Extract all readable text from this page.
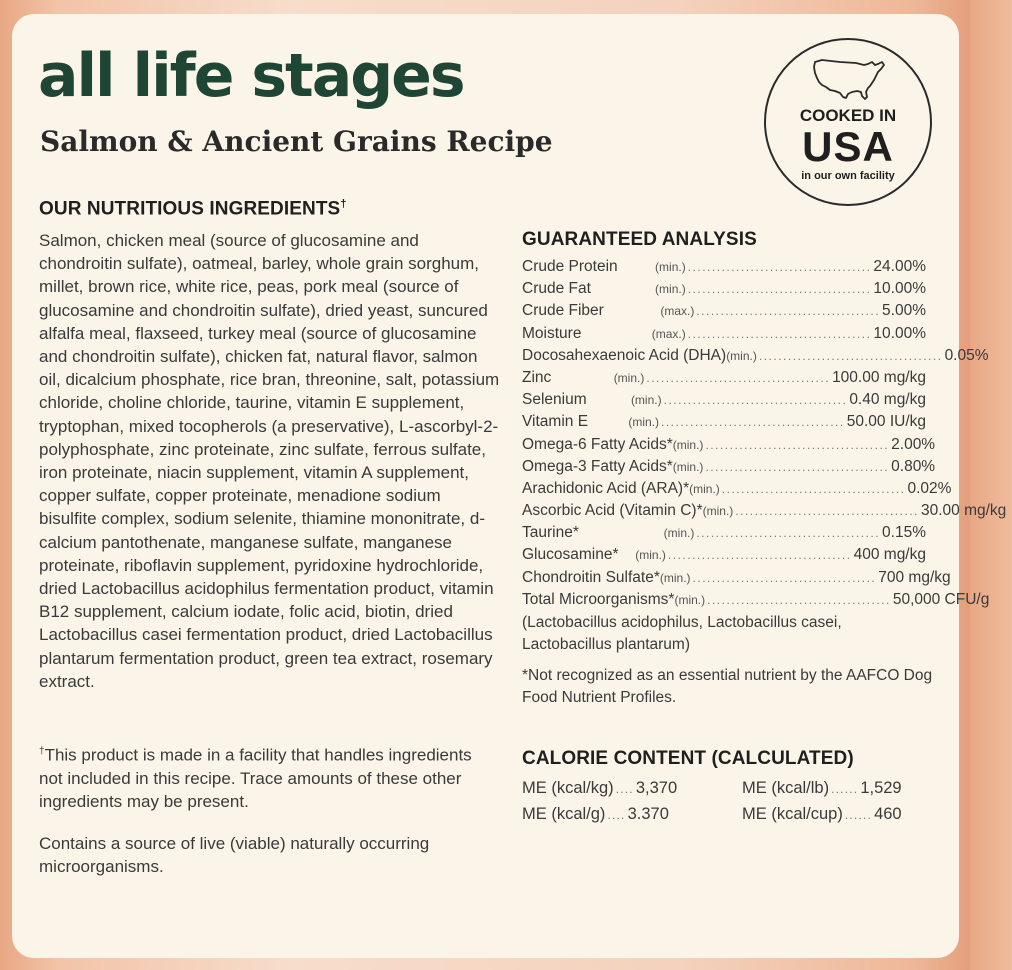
all life stages
Salmon & Ancient Grains Recipe
COOKED IN
USA
in our own facility
OUR NUTRITIOUS INGREDIENTS†
Salmon, chicken meal (source of glucosamine and chondroitin sulfate), oatmeal, barley, whole grain sorghum, millet, brown rice, white rice, peas, pork meal (source of glucosamine and chondroitin sulfate), dried yeast, suncured alfalfa meal, flaxseed, turkey meal (source of glucosamine and chondroitin sulfate), chicken fat, natural flavor, salmon oil, dicalcium phosphate, rice bran, threonine, salt, potassium chloride, choline chloride, taurine, vitamin E supplement, tryptophan, mixed tocopherols (a preservative), L-ascorbyl-2-polyphosphate, zinc proteinate, zinc sulfate, ferrous sulfate, iron proteinate, niacin supplement, vitamin A supplement, copper sulfate, copper proteinate, menadione sodium bisulfite complex, sodium selenite, thiamine mononitrate, d-calcium pantothenate, manganese sulfate, manganese proteinate, riboflavin supplement, pyridoxine hydrochloride, dried Lactobacillus acidophilus fermentation product, vitamin B12 supplement, calcium iodate, folic acid, biotin, dried Lactobacillus casei fermentation product, dried Lactobacillus plantarum fermentation product, green tea extract, rosemary extract.
†This product is made in a facility that handles ingredients not included in this recipe. Trace amounts of these other ingredients may be present.
Contains a source of live (viable) naturally occurring microorganisms.
GUARANTEED ANALYSIS
Crude Protein	(min.) ...................................... 24.00%
Crude Fat	(min.) ...................................... 10.00%
Crude Fiber	(max.) ...................................... 5.00%
Moisture	(max.) ...................................... 10.00%
Docosahexaenoic Acid (DHA) (min.) ...................................... 0.05%
Zinc	(min.) ...................................... 100.00 mg/kg
Selenium	(min.) ...................................... 0.40 mg/kg
Vitamin E	(min.) ...................................... 50.00 IU/kg
Omega-6 Fatty Acids* (min.) ...................................... 2.00%
Omega-3 Fatty Acids* (min.) ...................................... 0.80%
Arachidonic Acid (ARA)* (min.) ...................................... 0.02%
Ascorbic Acid (Vitamin C)* (min.) ...................................... 30.00 mg/kg
Taurine*	(min.) ...................................... 0.15%
Glucosamine*	(min.) ...................................... 400 mg/kg
Chondroitin Sulfate* (min.) ...................................... 700 mg/kg
Total Microorganisms* (min.) ...................................... 50,000 CFU/g
(Lactobacillus acidophilus, Lactobacillus casei, Lactobacillus plantarum)
*Not recognized as an essential nutrient by the AAFCO Dog Food Nutrient Profiles.
CALORIE CONTENT (CALCULATED)
ME (kcal/kg) .... 3,370	ME (kcal/lb) ...... 1,529
ME (kcal/g) .... 3.370	ME (kcal/cup) ...... 460
